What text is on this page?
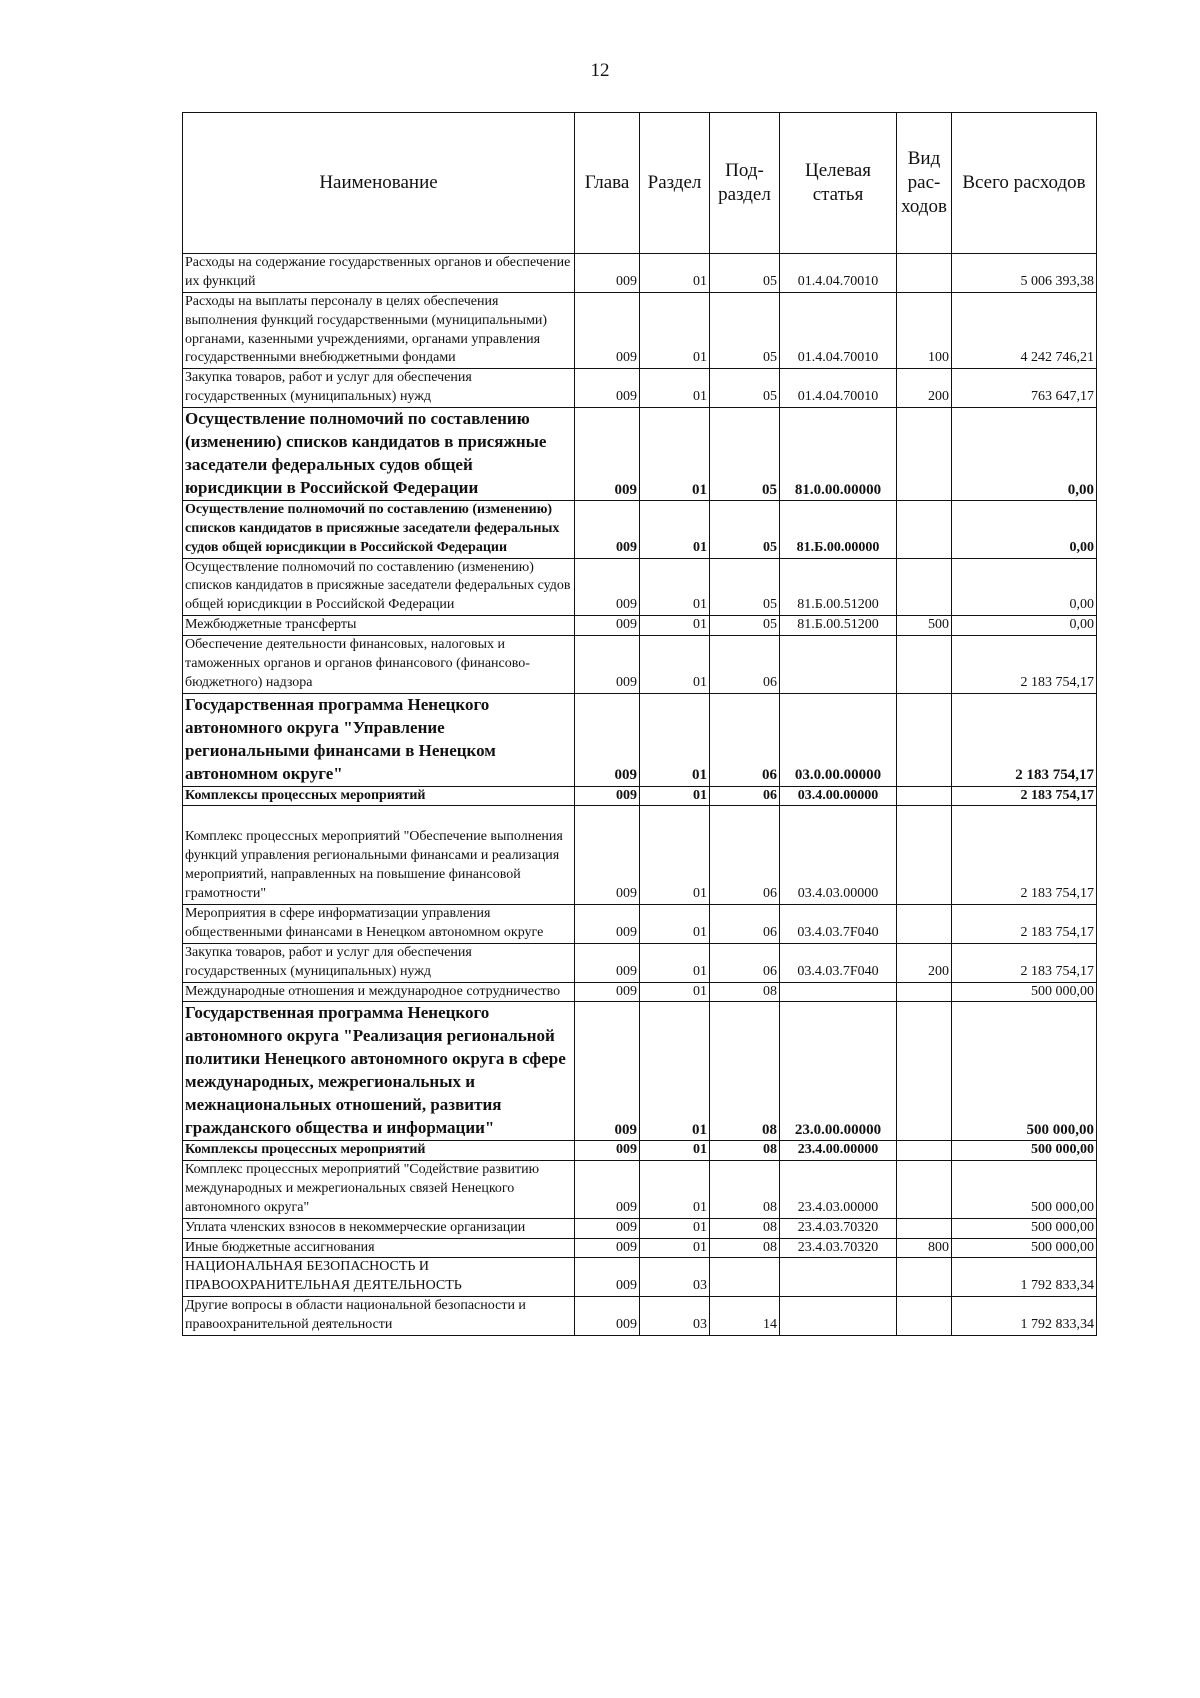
12
Наименование	Глава	Раздел	Под-раздел	Целевая статья	Вид рас-ходов	Всего расходов
Расходы на содержание государственных органов и обеспечение их функций	009	01	05	01.4.04.70010		5 006 393,38
Расходы на выплаты персоналу в целях обеспечения выполнения функций государственными (муниципальными) органами, казенными учреждениями, органами управления государственными внебюджетными фондами	009	01	05	01.4.04.70010	100	4 242 746,21
Закупка товаров, работ и услуг для обеспечения государственных (муниципальных) нужд	009	01	05	01.4.04.70010	200	763 647,17
Осуществление полномочий по составлению (изменению) списков кандидатов в присяжные заседатели федеральных судов общей юрисдикции в Российской Федерации	009	01	05	81.0.00.00000		0,00
Осуществление полномочий по составлению (изменению) списков кандидатов в присяжные заседатели федеральных судов общей юрисдикции в Российской Федерации	009	01	05	81.Б.00.00000		0,00
Осуществление полномочий по составлению (изменению) списков кандидатов в присяжные заседатели федеральных судов общей юрисдикции в Российской Федерации	009	01	05	81.Б.00.51200		0,00
Межбюджетные трансферты	009	01	05	81.Б.00.51200	500	0,00
Обеспечение деятельности финансовых, налоговых и таможенных органов и органов финансового (финансово-бюджетного) надзора	009	01	06			2 183 754,17
Государственная программа Ненецкого автономного округа "Управление региональными финансами в Ненецком автономном округе"	009	01	06	03.0.00.00000		2 183 754,17
Комплексы процессных мероприятий	009	01	06	03.4.00.00000		2 183 754,17
Комплекс процессных мероприятий "Обеспечение выполнения функций управления региональными финансами и реализация мероприятий, направленных на повышение финансовой грамотности"	009	01	06	03.4.03.00000		2 183 754,17
Мероприятия в сфере информатизации управления общественными финансами в Ненецком автономном округе	009	01	06	03.4.03.7F040		2 183 754,17
Закупка товаров, работ и услуг для обеспечения государственных (муниципальных) нужд	009	01	06	03.4.03.7F040	200	2 183 754,17
Международные отношения и международное сотрудничество	009	01	08			500 000,00
Государственная программа Ненецкого автономного округа "Реализация региональной политики Ненецкого автономного округа в сфере международных, межрегиональных и межнациональных отношений, развития гражданского общества и информации"	009	01	08	23.0.00.00000		500 000,00
Комплексы процессных мероприятий	009	01	08	23.4.00.00000		500 000,00
Комплекс процессных мероприятий "Содействие развитию международных и межрегиональных связей Ненецкого автономного округа"	009	01	08	23.4.03.00000		500 000,00
Уплата членских взносов в некоммерческие организации	009	01	08	23.4.03.70320		500 000,00
Иные бюджетные ассигнования	009	01	08	23.4.03.70320	800	500 000,00
НАЦИОНАЛЬНАЯ БЕЗОПАСНОСТЬ И ПРАВООХРАНИТЕЛЬНАЯ ДЕЯТЕЛЬНОСТЬ	009	03				1 792 833,34
Другие вопросы в области национальной безопасности и правоохранительной деятельности	009	03	14			1 792 833,34
